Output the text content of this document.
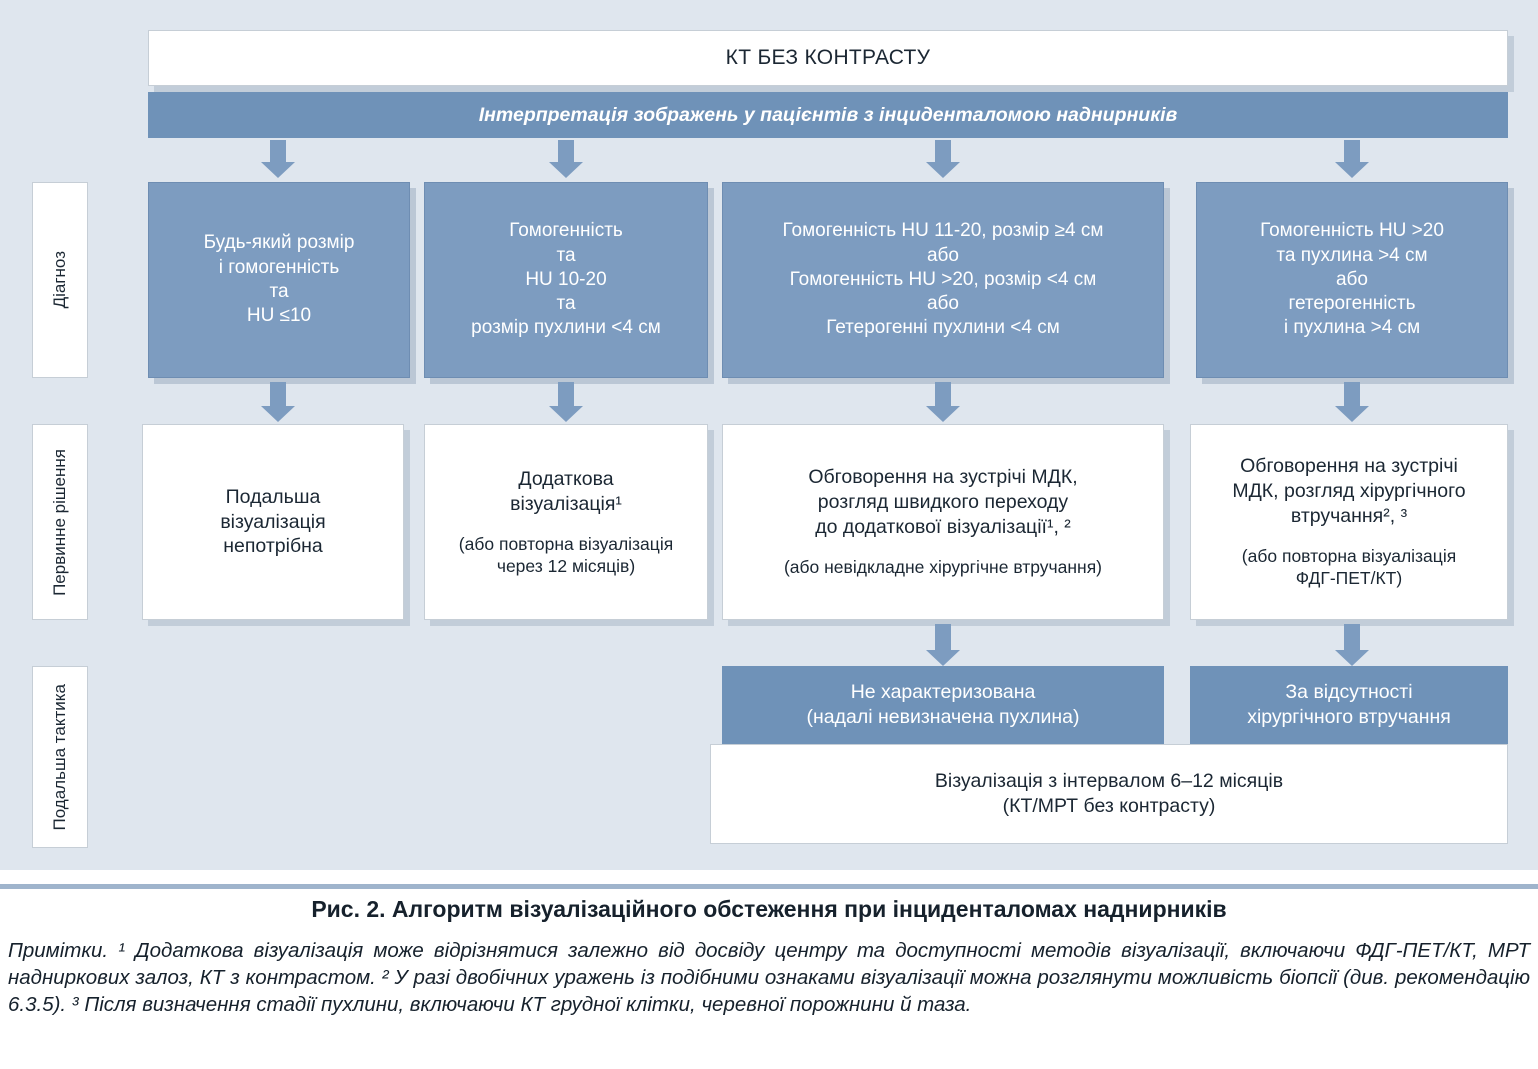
КТ БЕЗ КОНТРАСТУ
Інтерпретація зображень у пацієнтів з інциденталомою наднирників
Діагноз
Первинне рішення
Подальша тактика
Будь-який розмір
і гомогенність
та
HU ≤10
Гомогенність
та
HU 10-20
та
розмір пухлини <4 см
Гомогенність HU 11-20, розмір ≥4 см
або
Гомогенність HU >20, розмір <4 см
або
Гетерогенні пухлини <4 см
Гомогенність HU >20
та пухлина >4 см
або
гетерогенність
і пухлина >4 см
Подальша
візуалізація
непотрібна
Додаткова
візуалізація¹
(або повторна візуалізація
через 12 місяців)
Обговорення на зустрічі МДК,
розгляд швидкого переходу
до додаткової візуалізації¹, ²
(або невідкладне хірургічне втручання)
Обговорення на зустрічі
МДК, розгляд хірургічного
втручання², ³
(або повторна візуалізація
ФДГ-ПЕТ/КТ)
Не характеризована
(надалі невизначена пухлина)
За відсутності
хірургічного втручання
Візуалізація з інтервалом 6–12 місяців
(КТ/МРТ без контрасту)
Рис. 2. Алгоритм візуалізаційного обстеження при інциденталомах наднирників
Примітки. ¹ Додаткова візуалізація може відрізнятися залежно від досвіду центру та доступності методів візуалізації, включаючи ФДГ-ПЕТ/КТ, МРТ надниркових залоз, КТ з контрастом. ² У разі двобічних уражень із подібними ознаками візуалізації можна розглянути можливість біопсії (див. рекомендацію 6.3.5). ³ Після визначення стадії пухлини, включаючи КТ грудної клітки, черевної порожнини й таза.
